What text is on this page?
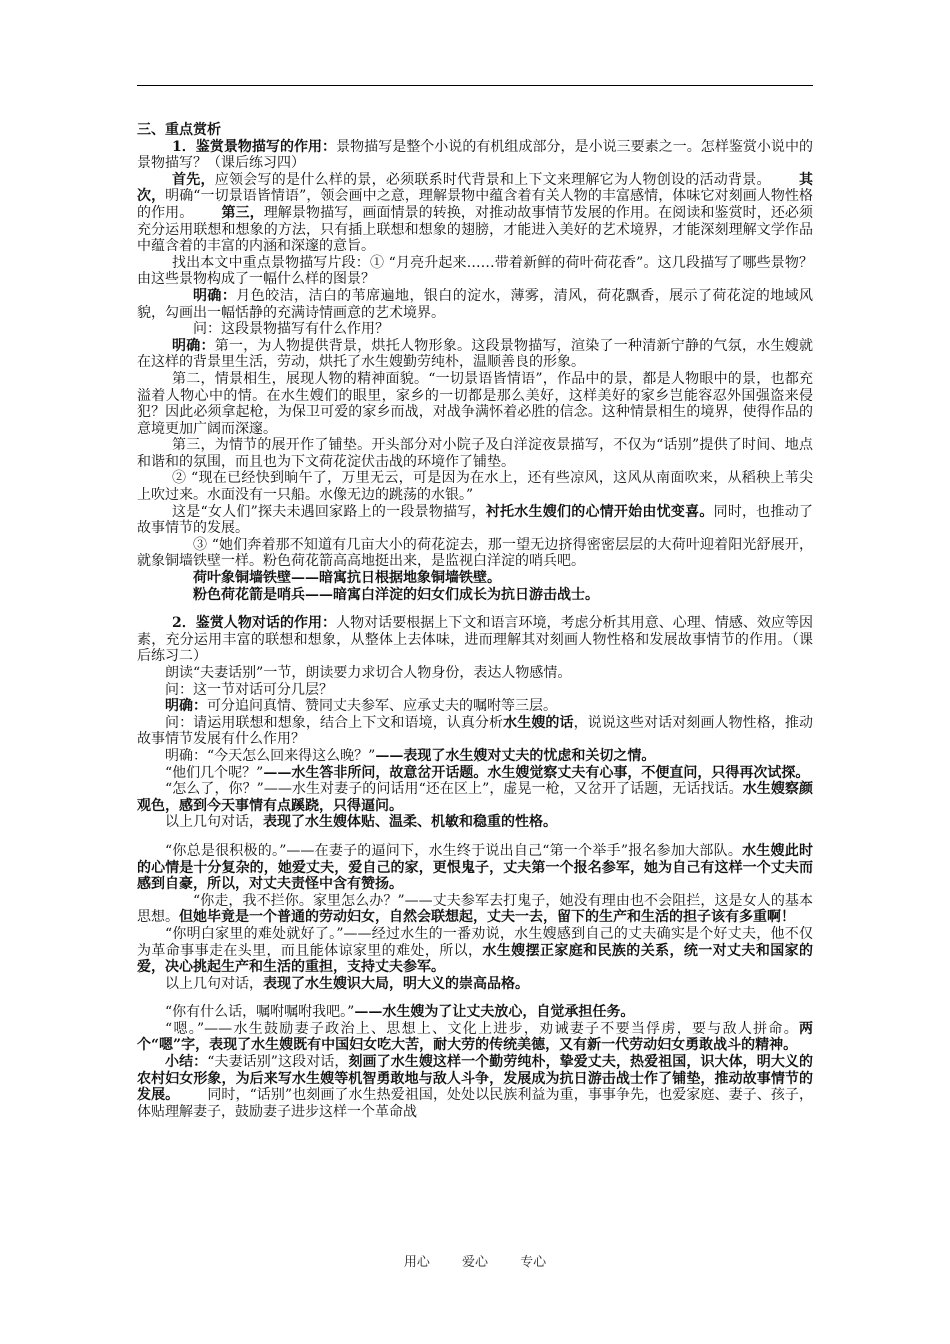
三、重点赏析

1．鉴赏景物描写的作用：景物描写是整个小说的有机组成部分，是小说三要素之一。怎样鉴赏小说中的景物描写？（课后练习四）

首先，应领会写的是什么样的景，必须联系时代背景和上下文来理解它为人物创设的活动背景。   其次，明确“一切景语皆情语”，领会画中之意，理解景物中蕴含着有关人物的丰富感情，体味它对刻画人物性格的作用。   第三，理解景物描写，画面情景的转换，对推动故事情节发展的作用。在阅读和鉴赏时，还必须充分运用联想和想象的方法，只有插上联想和想象的翅膀，才能进入美好的艺术境界，才能深刻理解文学作品中蕴含着的丰富的内涵和深邃的意旨。

找出本文中重点景物描写片段：① “月亮升起来……带着新鲜的荷叶荷花香”。这几段描写了哪些景物？由这些景物构成了一幅什么样的图景？

明确：月色皎洁，洁白的苇席遍地，银白的淀水，薄雾，清风，荷花飘香，展示了荷花淀的地域风貌，勾画出一幅恬静的充满诗情画意的艺术境界。

问：这段景物描写有什么作用？

明确：第一，为人物提供背景，烘托人物形象。这段景物描写，渲染了一种清新宁静的气氛，水生嫂就在这样的背景里生活，劳动，烘托了水生嫂勤劳纯朴，温顺善良的形象。

第二，情景相生，展现人物的精神面貌。“一切景语皆情语”，作品中的景，都是人物眼中的景，也都充溢着人物心中的情。在水生嫂们的眼里，家乡的一切都是那么美好，这样美好的家乡岂能容忍外国强盗来侵犯？因此必须拿起枪，为保卫可爱的家乡而战，对战争满怀着必胜的信念。这种情景相生的境界，使得作品的意境更加广阔而深邃。

第三，为情节的展开作了铺垫。开头部分对小院子及白洋淀夜景描写，不仅为“话别”提供了时间、地点和谐和的氛围，而且也为下文荷花淀伏击战的环境作了铺垫。

② “现在已经快到晌午了，万里无云，可是因为在水上，还有些凉风，这风从南面吹来，从稻秧上苇尖上吹过来。水面没有一只船。水像无边的跳荡的水银。”

这是“女人们”探夫未遇回家路上的一段景物描写，衬托水生嫂们的心情开始由忧变喜。同时，也推动了故事情节的发展。

③ “她们奔着那不知道有几亩大小的荷花淀去，那一望无边挤得密密层层的大荷叶迎着阳光舒展开，就象铜墙铁壁一样。粉色荷花箭高高地挺出来，是监视白洋淀的哨兵吧。

荷叶象铜墙铁壁——暗寓抗日根据地象铜墙铁壁。

粉色荷花箭是哨兵——暗寓白洋淀的妇女们成长为抗日游击战士。

2．鉴赏人物对话的作用：人物对话要根据上下文和语言环境，考虑分析其用意、心理、情感、效应等因素，充分运用丰富的联想和想象，从整体上去体味，进而理解其对刻画人物性格和发展故事情节的作用。（课后练习二）

朗读“夫妻话别”一节，朗读要力求切合人物身份，表达人物感情。

问：这一节对话可分几层？

明确：可分追问真情、赞同丈夫参军、应承丈夫的嘱咐等三层。

问：请运用联想和想象，结合上下文和语境，认真分析水生嫂的话，说说这些对话对刻画人物性格，推动故事情节发展有什么作用？

明确：“今天怎么回来得这么晚？”——表现了水生嫂对丈夫的忧虑和关切之情。

“他们几个呢？”——水生答非所问，故意岔开话题。水生嫂觉察丈夫有心事，不便直问，只得再次试探。

“怎么了，你？”——水生对妻子的问话用“还在区上”，虚晃一枪，又岔开了话题，无话找话。水生嫂察颜观色，感到今天事情有点蹊跷，只得逼问。

以上几句对话，表现了水生嫂体贴、温柔、机敏和稳重的性格。

“你总是很积极的。”——在妻子的逼问下，水生终于说出自己“第一个举手”报名参加大部队。水生嫂此时的心情是十分复杂的，她爱丈夫，爱自己的家，更恨鬼子，丈夫第一个报名参军，她为自己有这样一个丈夫而感到自豪，所以，对丈夫责怪中含有赞扬。

“你走，我不拦你。家里怎么办？”——丈夫参军去打鬼子，她没有理由也不会阻拦，这是女人的基本思想。但她毕竟是一个普通的劳动妇女，自然会联想起，丈夫一去，留下的生产和生活的担子该有多重啊！

“你明白家里的难处就好了。”——经过水生的一番劝说，水生嫂感到自己的丈夫确实是个好丈夫，他不仅为革命事事走在头里，而且能体谅家里的难处，所以，水生嫂摆正家庭和民族的关系，统一对丈夫和国家的爱，决心挑起生产和生活的重担，支持丈夫参军。

以上几句对话，表现了水生嫂识大局，明大义的崇高品格。

“你有什么话，嘱咐嘱咐我吧。”——水生嫂为了让丈夫放心，自觉承担任务。

“嗯。”——水生鼓励妻子政治上、思想上、文化上进步，劝诫妻子不要当俘虏，要与敌人拼命。两个“嗯”字，表现了水生嫂既有中国妇女吃大苦，耐大劳的传统美德，又有新一代劳动妇女勇敢战斗的精神。

小结：“夫妻话别”这段对话，刻画了水生嫂这样一个勤劳纯朴，挚爱丈夫，热爱祖国，识大体，明大义的农村妇女形象，为后来写水生嫂等机智勇敢地与敌人斗争，发展成为抗日游击战士作了铺垫，推动故事情节的发展。   同时，“话别”也刻画了水生热爱祖国，处处以民族利益为重，事事争先，也爱家庭、妻子、孩子，体贴理解妻子，鼓励妻子进步这样一个革命战

用心 爱心 专心
